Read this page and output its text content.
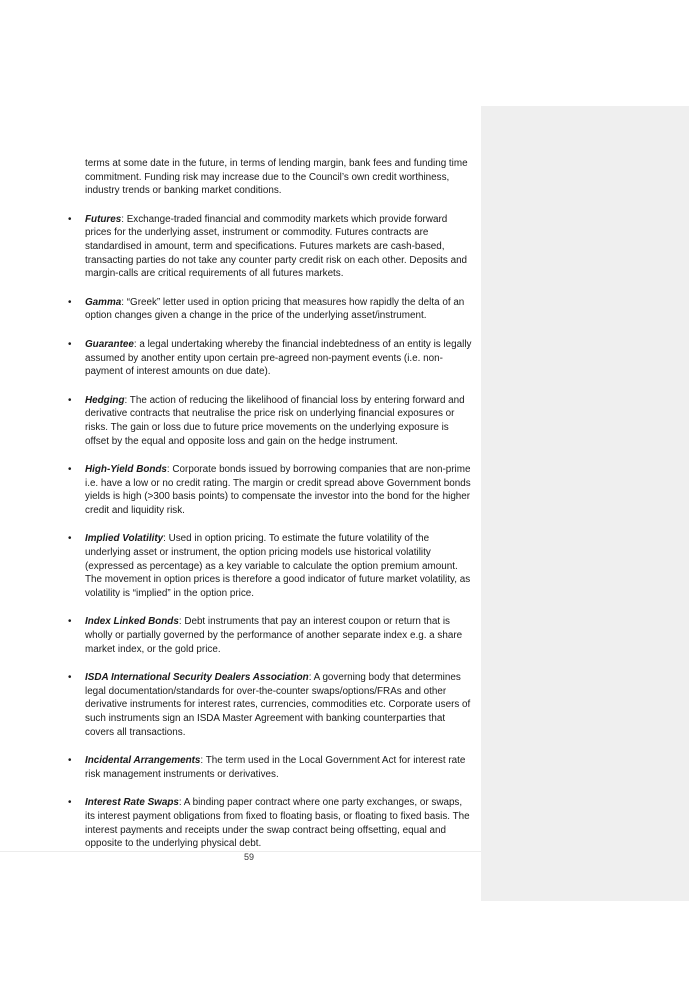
terms at some date in the future, in terms of lending margin, bank fees and funding time commitment. Funding risk may increase due to the Council’s own credit worthiness, industry trends or banking market conditions.

• Futures: Exchange-traded financial and commodity markets which provide forward prices for the underlying asset, instrument or commodity. Futures contracts are standardised in amount, term and specifications. Futures markets are cash-based, transacting parties do not take any counter party credit risk on each other. Deposits and margin-calls are critical requirements of all futures markets.
• Gamma: “Greek” letter used in option pricing that measures how rapidly the delta of an option changes given a change in the price of the underlying asset/instrument.
• Guarantee: a legal undertaking whereby the financial indebtedness of an entity is legally assumed by another entity upon certain pre-agreed non-payment events (i.e. non-payment of interest amounts on due date).
• Hedging: The action of reducing the likelihood of financial loss by entering forward and derivative contracts that neutralise the price risk on underlying financial exposures or risks. The gain or loss due to future price movements on the underlying exposure is offset by the equal and opposite loss and gain on the hedge instrument.
• High-Yield Bonds: Corporate bonds issued by borrowing companies that are non-prime i.e. have a low or no credit rating. The margin or credit spread above Government bonds yields is high (>300 basis points) to compensate the investor into the bond for the higher credit and liquidity risk.
• Implied Volatility: Used in option pricing. To estimate the future volatility of the underlying asset or instrument, the option pricing models use historical volatility (expressed as percentage) as a key variable to calculate the option premium amount. The movement in option prices is therefore a good indicator of future market volatility, as volatility is “implied” in the option price.
• Index Linked Bonds: Debt instruments that pay an interest coupon or return that is wholly or partially governed by the performance of another separate index e.g. a share market index, or the gold price.
• ISDA International Security Dealers Association: A governing body that determines legal documentation/standards for over-the-counter swaps/options/FRAs and other derivative instruments for interest rates, currencies, commodities etc. Corporate users of such instruments sign an ISDA Master Agreement with banking counterparties that covers all transactions.
• Incidental Arrangements: The term used in the Local Government Act for interest rate risk management instruments or derivatives.
• Interest Rate Swaps: A binding paper contract where one party exchanges, or swaps, its interest payment obligations from fixed to floating basis, or floating to fixed basis. The interest payments and receipts under the swap contract being offsetting, equal and opposite to the underlying physical debt.
59
